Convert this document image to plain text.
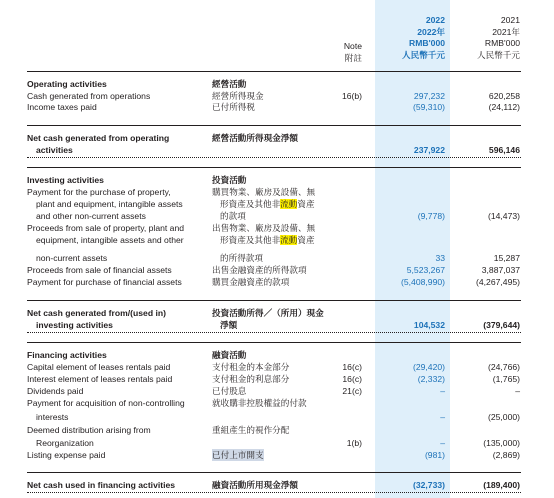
Note
附註
2022
2022年
RMB'000
人民幣千元
2021
2021年
RMB'000
人民幣千元
Operating activities	經營活動
Cash generated from operations	經營所得現金	16(b)	297,232	620,258
Income taxes paid	已付所得税	(59,310)	(24,112)
Net cash generated from operating	經營活動所得現金淨額
activities	237,922	596,146
Investing activities	投資活動
Payment for the purchase of property,	購買物業、廠房及設備、無
plant and equipment, intangible assets	形資產及其他非流動資產
and other non-current assets	的款項	(9,778)	(14,473)
Proceeds from sale of property, plant and	出售物業、廠房及設備、無
equipment, intangible assets and other	形資產及其他非流動資產
non-current assets	的所得款項	33	15,287
Proceeds from sale of financial assets	出售金融資產的所得款項	5,523,267	3,887,037
Payment for purchase of financial assets	購買金融資產的款項	(5,408,990)	(4,267,495)
Net cash generated from/(used in)	投資活動所得／（所用）現金
investing activities	淨額	104,532	(379,644)
Financing activities	融資活動
Capital element of leases rentals paid	支付租金的本金部分	16(c)	(29,420)	(24,766)
Interest element of leases rentals paid	支付租金的利息部分	16(c)	(2,332)	(1,765)
Dividends paid	已付股息	21(c)	–	–
Payment for acquisition of non-controlling	就收購非控股權益的付款
interests	–	(25,000)
Deemed distribution arising from	重組產生的視作分配
Reorganization	1(b)	–	(135,000)
Listing expense paid	已付上市開支	(981)	(2,869)
Net cash used in financing activities	融資活動所用現金淨額	(32,733)	(189,400)
